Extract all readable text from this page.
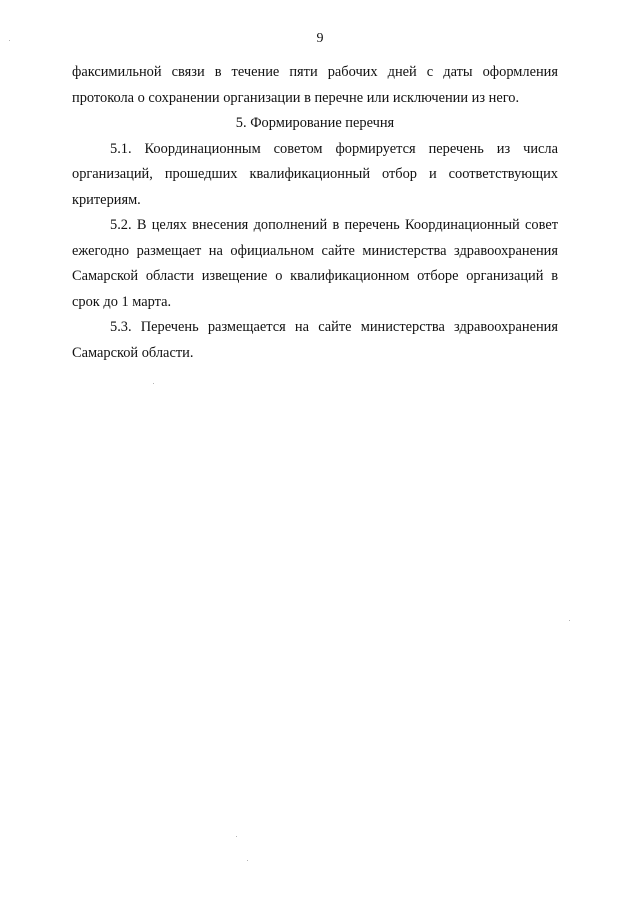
9

факсимильной связи в течение пяти рабочих дней с даты оформления протокола о сохранении организации в перечне или исключении из него.

5. Формирование перечня

5.1. Координационным советом формируется перечень из числа организаций, прошедших квалификационный отбор и соответствующих критериям.

5.2. В целях внесения дополнений в перечень Координационный совет ежегодно размещает на официальном сайте министерства здравоохранения Самарской области извещение о квалификационном отборе организаций в срок до 1 марта.

5.3. Перечень размещается на сайте министерства здравоохранения Самарской области.
